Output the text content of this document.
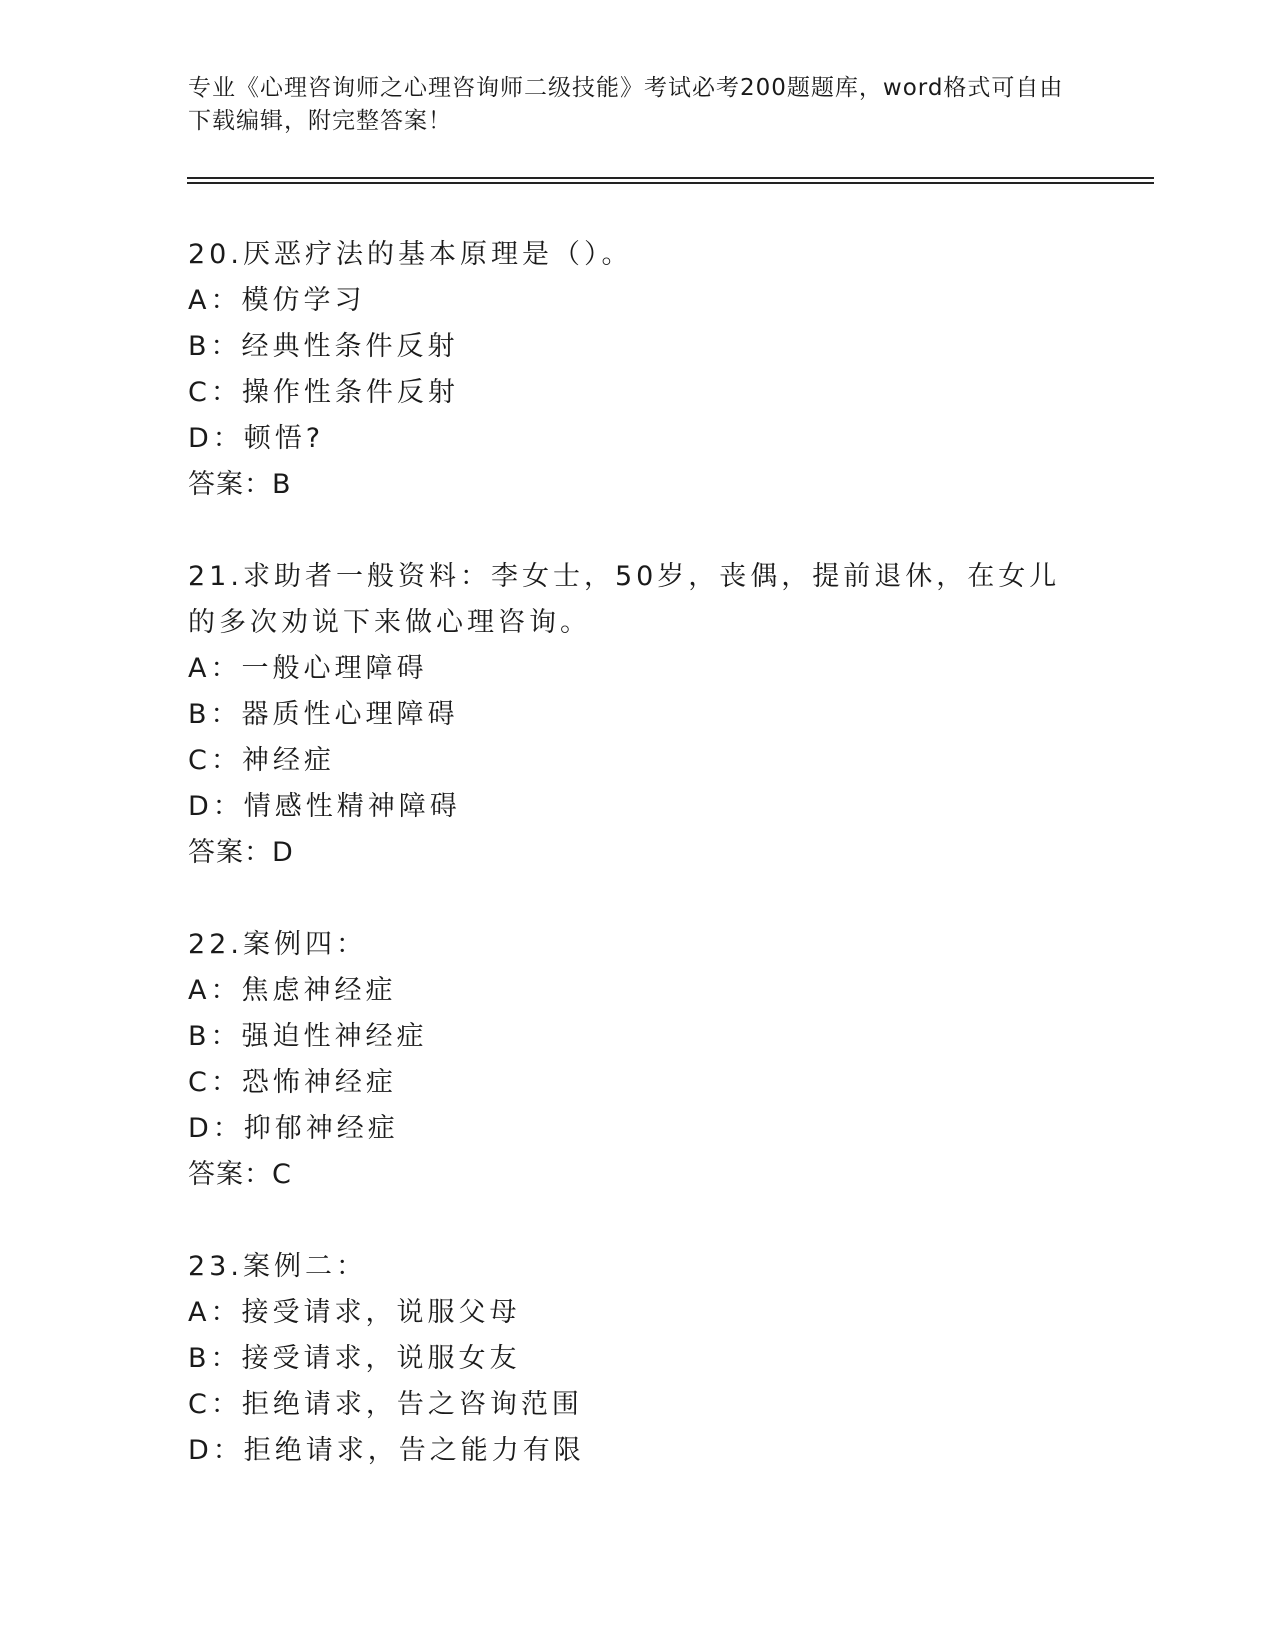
专业《心理咨询师之心理咨询师二级技能》考试必考200题题库，word格式可自由下载编辑，附完整答案！
20.厌恶疗法的基本原理是（）。
A：模仿学习
B：经典性条件反射
C：操作性条件反射
D：顿悟?
答案：B
21.求助者一般资料：李女士，50岁，丧偶，提前退休，在女儿的多次劝说下来做心理咨询。
A：一般心理障碍
B：器质性心理障碍
C：神经症
D：情感性精神障碍
答案：D
22.案例四：
A：焦虑神经症
B：强迫性神经症
C：恐怖神经症
D：抑郁神经症
答案：C
23.案例二：
A：接受请求，说服父母
B：接受请求，说服女友
C：拒绝请求，告之咨询范围
D：拒绝请求，告之能力有限
